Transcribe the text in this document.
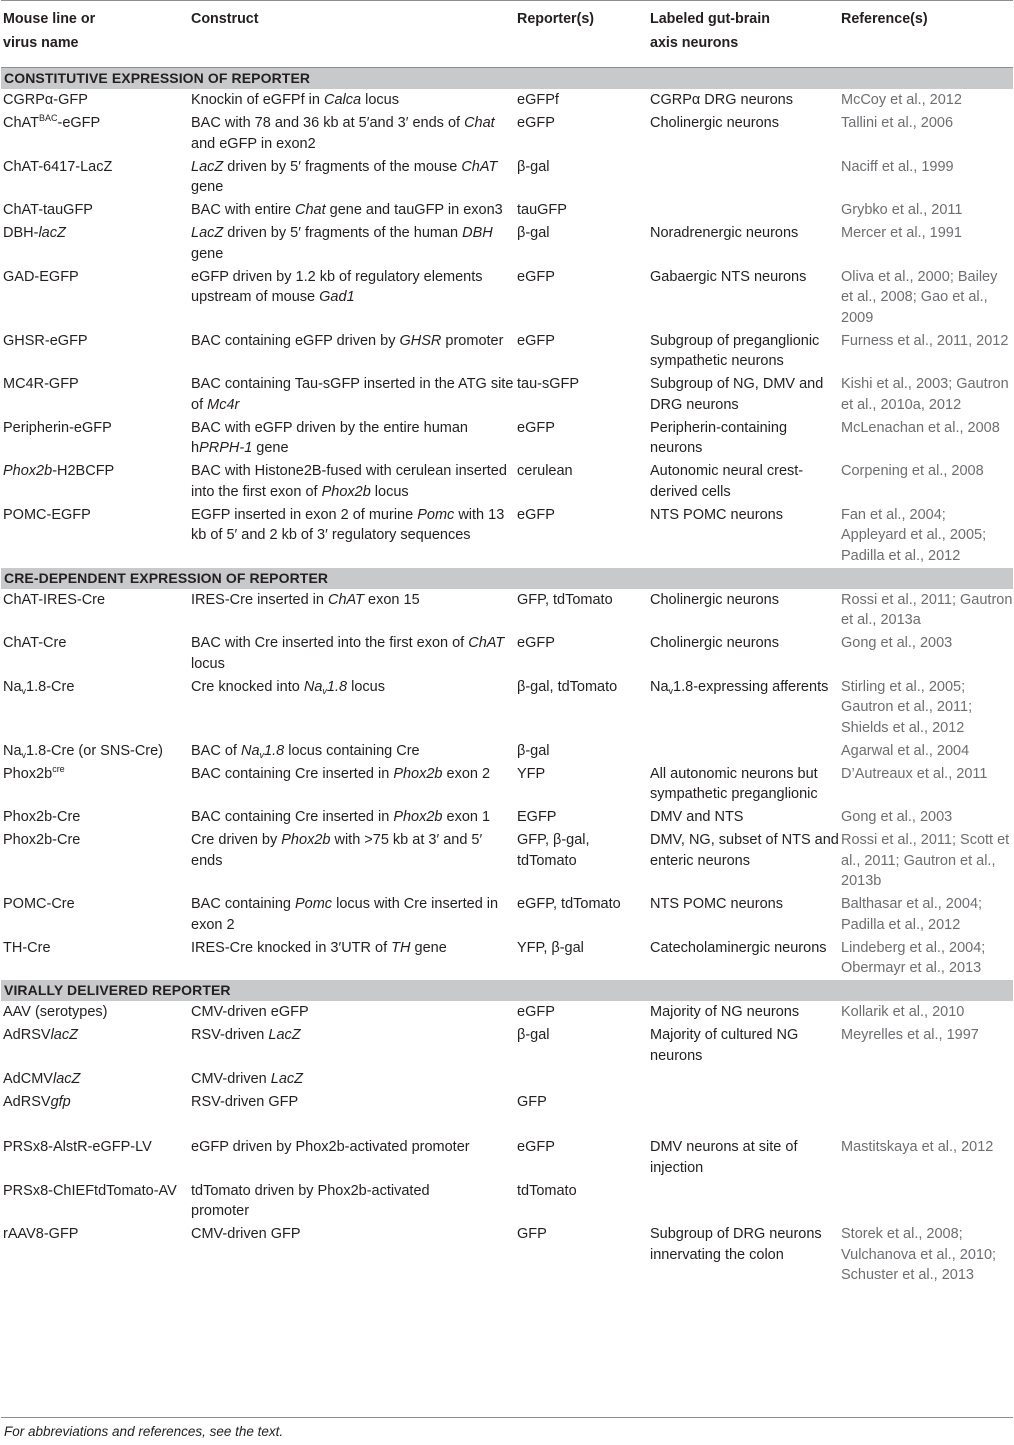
Mouse line or virus name	Construct	Reporter(s)	Labeled gut-brain axis neurons	Reference(s)
CONSTITUTIVE EXPRESSION OF REPORTER				
CGRPα-GFP	Knockin of eGFPf in Calca locus	eGFPf	CGRPα DRG neurons	McCoy et al., 2012
ChAT$^{BAC}$-eGFP	BAC with 78 and 36 kb at 5′and 3′ ends of Chat and eGFP in exon2	eGFP	Cholinergic neurons	Tallini et al., 2006
ChAT-6417-LacZ	LacZ driven by 5′ fragments of the mouse ChAT gene	β-gal		Naciff et al., 1999
ChAT-tauGFP	BAC with entire Chat gene and tauGFP in exon3	tauGFP		Grybko et al., 2011
DBH-lacZ	LacZ driven by 5′ fragments of the human DBH gene	β-gal	Noradrenergic neurons	Mercer et al., 1991
GAD-EGFP	eGFP driven by 1.2 kb of regulatory elements upstream of mouse Gad1	eGFP	Gabaergic NTS neurons	Oliva et al., 2000; Bailey et al., 2008; Gao et al., 2009
GHSR-eGFP	BAC containing eGFP driven by GHSR promoter	eGFP	Subgroup of preganglionic sympathetic neurons	Furness et al., 2011, 2012
MC4R-GFP	BAC containing Tau-sGFP inserted in the ATG site of Mc4r	tau-sGFP	Subgroup of NG, DMV and DRG neurons	Kishi et al., 2003; Gautron et al., 2010a, 2012
Peripherin-eGFP	BAC with eGFP driven by the entire human hPRPH-1 gene	eGFP	Peripherin-containing neurons	McLenachan et al., 2008
Phox2b-H2BCFP	BAC with Histone2B-fused with cerulean inserted into the first exon of Phox2b locus	cerulean	Autonomic neural crest-derived cells	Corpening et al., 2008
POMC-EGFP	EGFP inserted in exon 2 of murine Pomc with 13 kb of 5′ and 2 kb of 3′ regulatory sequences	eGFP	NTS POMC neurons	Fan et al., 2004; Appleyard et al., 2005; Padilla et al., 2012
CRE-DEPENDENT EXPRESSION OF REPORTER				
ChAT-IRES-Cre	IRES-Cre inserted in ChAT exon 15	GFP, tdTomato	Cholinergic neurons	Rossi et al., 2011; Gautron et al., 2013a
ChAT-Cre	BAC with Cre inserted into the first exon of ChAT locus	eGFP	Cholinergic neurons	Gong et al., 2003
$Na_v1.8$-Cre	Cre knocked into $Na_v1.8$ locus	β-gal, tdTomato	$Na_v1.8$-expressing afferents	Stirling et al., 2005; Gautron et al., 2011; Shields et al., 2012
$Na_v1.8$-Cre (or SNS-Cre)	BAC of $Na_v1.8$ locus containing Cre	β-gal		Agarwal et al., 2004
$Phox2b^{cre}$	BAC containing Cre inserted in Phox2b exon 2	YFP	All autonomic neurons but sympathetic preganglionic	D’Autreaux et al., 2011
Phox2b-Cre	BAC containing Cre inserted in Phox2b exon 1	EGFP	DMV and NTS	Gong et al., 2003
Phox2b-Cre	Cre driven by Phox2b with >75 kb at 3′ and 5′ ends	GFP, β-gal, tdTomato	DMV, NG, subset of NTS and enteric neurons	Rossi et al., 2011; Scott et al., 2011; Gautron et al., 2013b
POMC-Cre	BAC containing Pomc locus with Cre inserted in exon 2	eGFP, tdTomato	NTS POMC neurons	Balthasar et al., 2004; Padilla et al., 2012
TH-Cre	IRES-Cre knocked in 3′UTR of TH gene	YFP, β-gal	Catecholaminergic neurons	Lindeberg et al., 2004; Obermayr et al., 2013
VIRALLY DELIVERED REPORTER				
AAV (serotypes)	CMV-driven eGFP	eGFP	Majority of NG neurons	Kollarik et al., 2010
AdRSVlacZ	RSV-driven LacZ	β-gal	Majority of cultured NG neurons	Meyrelles et al., 1997
AdCMVlacZ	CMV-driven LacZ			
AdRSVgfp	RSV-driven GFP	GFP		
PRSx8-AlstR-eGFP-LV	eGFP driven by Phox2b-activated promoter	eGFP	DMV neurons at site of injection	Mastitskaya et al., 2012
PRSx8-ChIEFtdTomato-AV	tdTomato driven by Phox2b-activated promoter	tdTomato		
rAAV8-GFP	CMV-driven GFP	GFP	Subgroup of DRG neurons innervating the colon	Storek et al., 2008; Vulchanova et al., 2010; Schuster et al., 2013
For abbreviations and references, see the text.
